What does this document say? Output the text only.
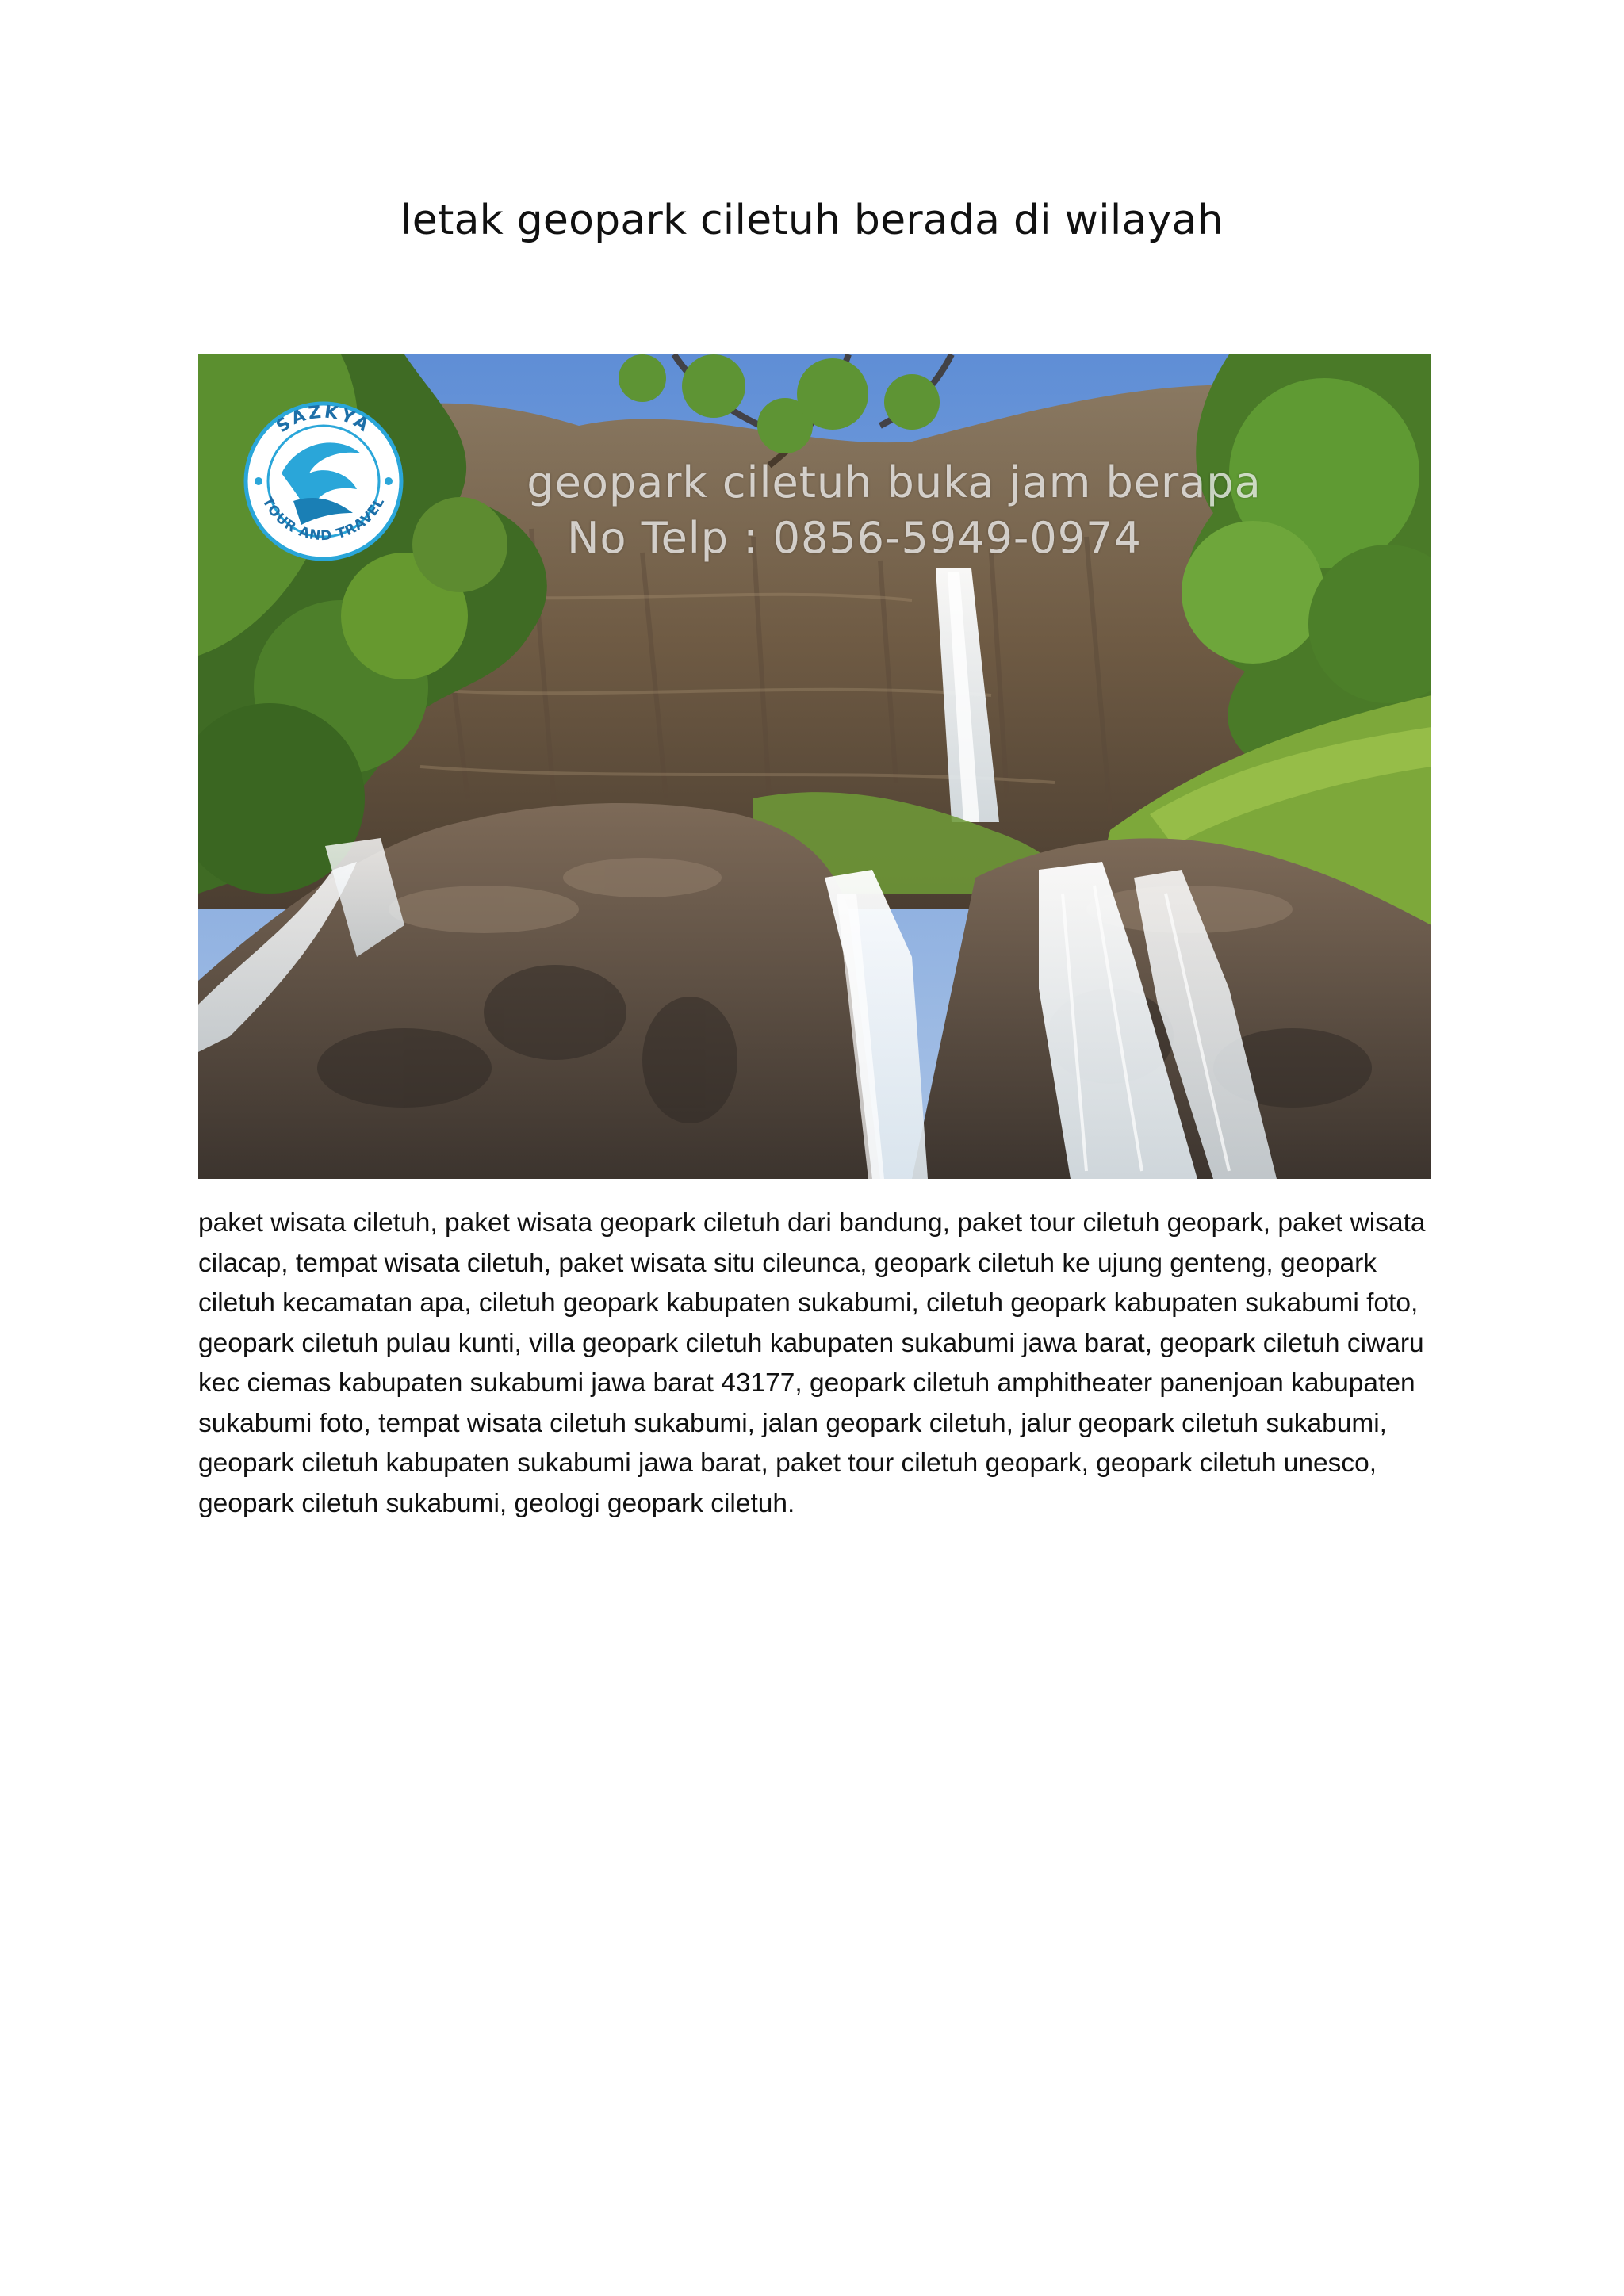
letak geopark ciletuh berada di wilayah
SAZKYA
TOUR AND TRAVEL	geopark ciletuh buka jam berapa
No Telp : 0856-5949-0974
paket wisata ciletuh, paket wisata geopark ciletuh dari bandung, paket tour ciletuh geopark, paket wisata cilacap, tempat wisata ciletuh, paket wisata situ cileunca, geopark ciletuh ke ujung genteng, geopark ciletuh kecamatan apa, ciletuh geopark kabupaten sukabumi, ciletuh geopark kabupaten sukabumi foto, geopark ciletuh pulau kunti, villa geopark ciletuh kabupaten sukabumi jawa barat, geopark ciletuh ciwaru kec ciemas kabupaten sukabumi jawa barat 43177, geopark ciletuh amphitheater panenjoan kabupaten sukabumi foto, tempat wisata ciletuh sukabumi, jalan geopark ciletuh, jalur geopark ciletuh sukabumi, geopark ciletuh kabupaten sukabumi jawa barat, paket tour ciletuh geopark, geopark ciletuh unesco, geopark ciletuh sukabumi, geologi geopark ciletuh.
